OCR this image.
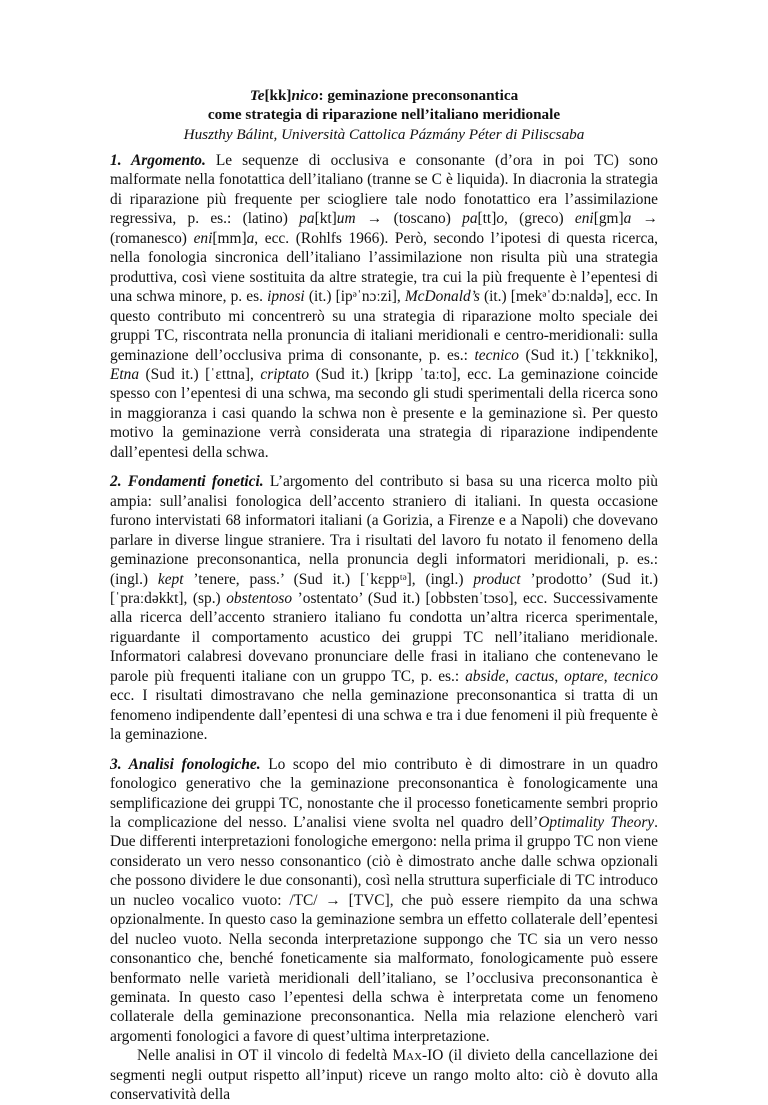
Te[kk]nico: geminazione preconsonantica
come strategia di riparazione nell’italiano meridionale
Huszthy Bálint, Università Cattolica Pázmány Péter di Piliscsaba

1. Argomento. Le sequenze di occlusiva e consonante (d’ora in poi TC) sono malformate nella fonotattica dell’italiano (tranne se C è liquida). In diacronia la strategia di riparazione più frequente per sciogliere tale nodo fonotattico era l’assimilazione regressiva, p. es.: (latino) pa[kt]um → (toscano) pa[tt]o, (greco) eni[gm]a → (romanesco) eni[mm]a, ecc. (Rohlfs 1966). Però, secondo l’ipotesi di questa ricerca, nella fonologia sincronica dell’italiano l’assimilazione non risulta più una strategia produttiva, così viene sostituita da altre strategie, tra cui la più frequente è l’epentesi di una schwa minore, p. es. ipnosi (it.) [ipᵊˈnɔːzi], McDonald’s (it.) [mekᵊˈdɔːnaldə], ecc. In questo contributo mi concentrerò su una strategia di riparazione molto speciale dei gruppi TC, riscontrata nella pronuncia di italiani meridionali e centro-meridionali: sulla geminazione dell’occlusiva prima di consonante, p. es.: tecnico (Sud it.) [ˈtɛkkniko], Etna (Sud it.) [ˈɛttna], criptato (Sud it.) [kripp ˈtaːto], ecc. La geminazione coincide spesso con l’epentesi di una schwa, ma secondo gli studi sperimentali della ricerca sono in maggioranza i casi quando la schwa non è presente e la geminazione sì. Per questo motivo la geminazione verrà considerata una strategia di riparazione indipendente dall’epentesi della schwa.

2. Fondamenti fonetici. L’argomento del contributo si basa su una ricerca molto più ampia: sull’analisi fonologica dell’accento straniero di italiani. In questa occasione furono intervistati 68 informatori italiani (a Gorizia, a Firenze e a Napoli) che dovevano parlare in diverse lingue straniere. Tra i risultati del lavoro fu notato il fenomeno della geminazione preconsonantica, nella pronuncia degli informatori meridionali, p. es.: (ingl.) kept ’tenere, pass.’ (Sud it.) [ˈkɛppᵗᵊ], (ingl.) product ’prodotto’ (Sud it.) [ˈpraːdəkkt], (sp.) obstentoso ’ostentato’ (Sud it.) [obbstenˈtɔso], ecc. Successivamente alla ricerca dell’accento straniero italiano fu condotta un’altra ricerca sperimentale, riguardante il comportamento acustico dei gruppi TC nell’italiano meridionale. Informatori calabresi dovevano pronunciare delle frasi in italiano che contenevano le parole più frequenti italiane con un gruppo TC, p. es.: abside, cactus, optare, tecnico ecc. I risultati dimostravano che nella geminazione preconsonantica si tratta di un fenomeno indipendente dall’epentesi di una schwa e tra i due fenomeni il più frequente è la geminazione.

3. Analisi fonologiche. Lo scopo del mio contributo è di dimostrare in un quadro fonologico generativo che la geminazione preconsonantica è fonologicamente una semplificazione dei gruppi TC, nonostante che il processo foneticamente sembri proprio la complicazione del nesso. L’analisi viene svolta nel quadro dell’Optimality Theory. Due differenti interpretazioni fonologiche emergono: nella prima il gruppo TC non viene considerato un vero nesso consonantico (ciò è dimostrato anche dalle schwa opzionali che possono dividere le due consonanti), così nella struttura superficiale di TC introduco un nucleo vocalico vuoto: /TC/ → [TVC], che può essere riempito da una schwa opzionalmente. In questo caso la geminazione sembra un effetto collaterale dell’epentesi del nucleo vuoto. Nella seconda interpretazione suppongo che TC sia un vero nesso consonantico che, benché foneticamente sia malformato, fonologicamente può essere benformato nelle varietà meridionali dell’italiano, se l’occlusiva preconsonantica è geminata. In questo caso l’epentesi della schwa è interpretata come un fenomeno collaterale della geminazione preconsonantica. Nella mia relazione elencherò vari argomenti fonologici a favore di quest’ultima interpretazione.

Nelle analisi in OT il vincolo di fedeltà Max-IO (il divieto della cancellazione dei segmenti negli output rispetto all’input) riceve un rango molto alto: ciò è dovuto alla conservatività della
